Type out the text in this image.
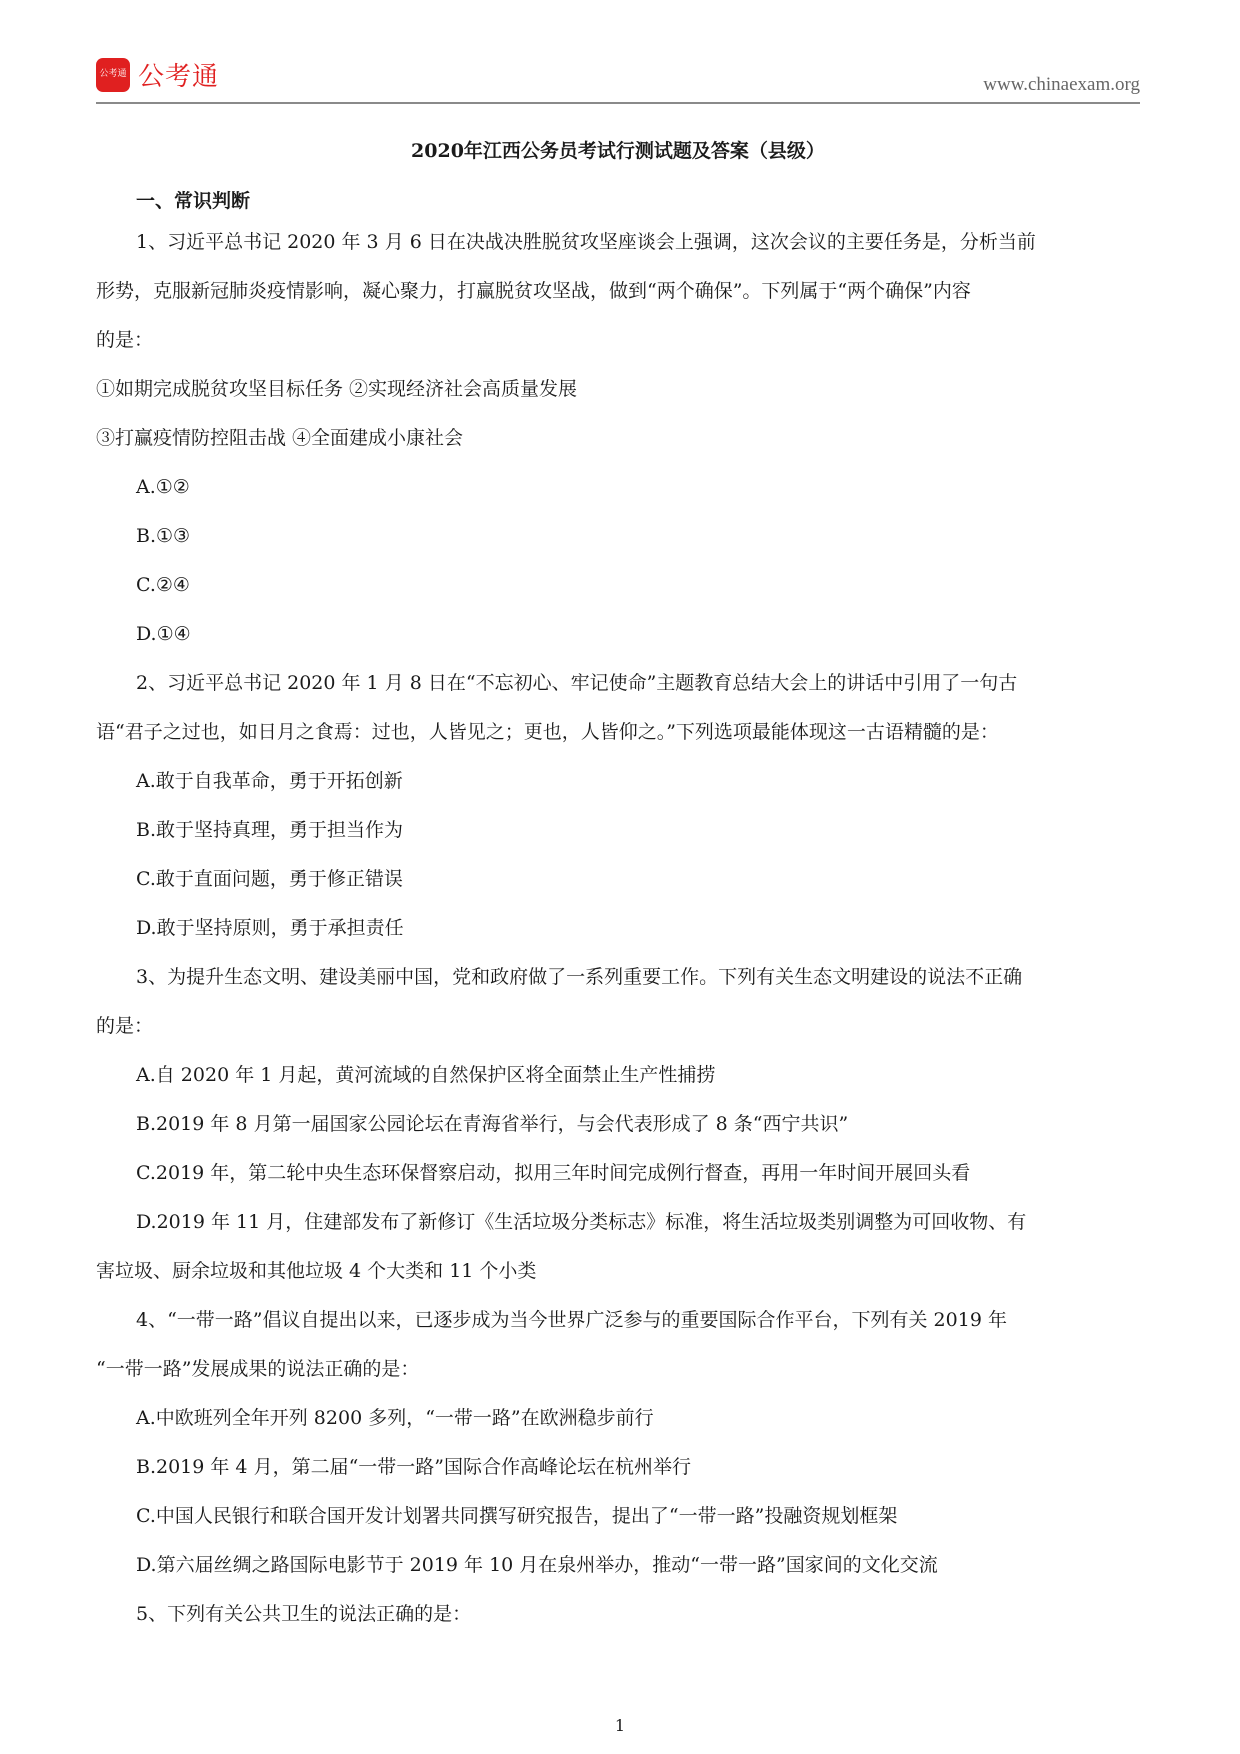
公考通 公考通	www.chinaexam.org
2020年江西公务员考试行测试题及答案（县级）
一、常识判断
1、习近平总书记 2020 年 3 月 6 日在决战决胜脱贫攻坚座谈会上强调，这次会议的主要任务是，分析当前
形势，克服新冠肺炎疫情影响，凝心聚力，打赢脱贫攻坚战，做到“两个确保”。下列属于“两个确保”内容
的是：
①如期完成脱贫攻坚目标任务 ②实现经济社会高质量发展
③打赢疫情防控阻击战 ④全面建成小康社会
A.①②
B.①③
C.②④
D.①④
2、习近平总书记 2020 年 1 月 8 日在“不忘初心、牢记使命”主题教育总结大会上的讲话中引用了一句古
语“君子之过也，如日月之食焉：过也，人皆见之；更也，人皆仰之。”下列选项最能体现这一古语精髓的是：
A.敢于自我革命，勇于开拓创新
B.敢于坚持真理，勇于担当作为
C.敢于直面问题，勇于修正错误
D.敢于坚持原则，勇于承担责任
3、为提升生态文明、建设美丽中国，党和政府做了一系列重要工作。下列有关生态文明建设的说法不正确
的是：
A.自 2020 年 1 月起，黄河流域的自然保护区将全面禁止生产性捕捞
B.2019 年 8 月第一届国家公园论坛在青海省举行，与会代表形成了 8 条“西宁共识”
C.2019 年，第二轮中央生态环保督察启动，拟用三年时间完成例行督查，再用一年时间开展回头看
D.2019 年 11 月，住建部发布了新修订《生活垃圾分类标志》标准，将生活垃圾类别调整为可回收物、有
害垃圾、厨余垃圾和其他垃圾 4 个大类和 11 个小类
4、“一带一路”倡议自提出以来，已逐步成为当今世界广泛参与的重要国际合作平台，下列有关 2019 年
“一带一路”发展成果的说法正确的是：
A.中欧班列全年开列 8200 多列，“一带一路”在欧洲稳步前行
B.2019 年 4 月，第二届“一带一路”国际合作高峰论坛在杭州举行
C.中国人民银行和联合国开发计划署共同撰写研究报告，提出了“一带一路”投融资规划框架
D.第六届丝绸之路国际电影节于 2019 年 10 月在泉州举办，推动“一带一路”国家间的文化交流
5、下列有关公共卫生的说法正确的是：
1
